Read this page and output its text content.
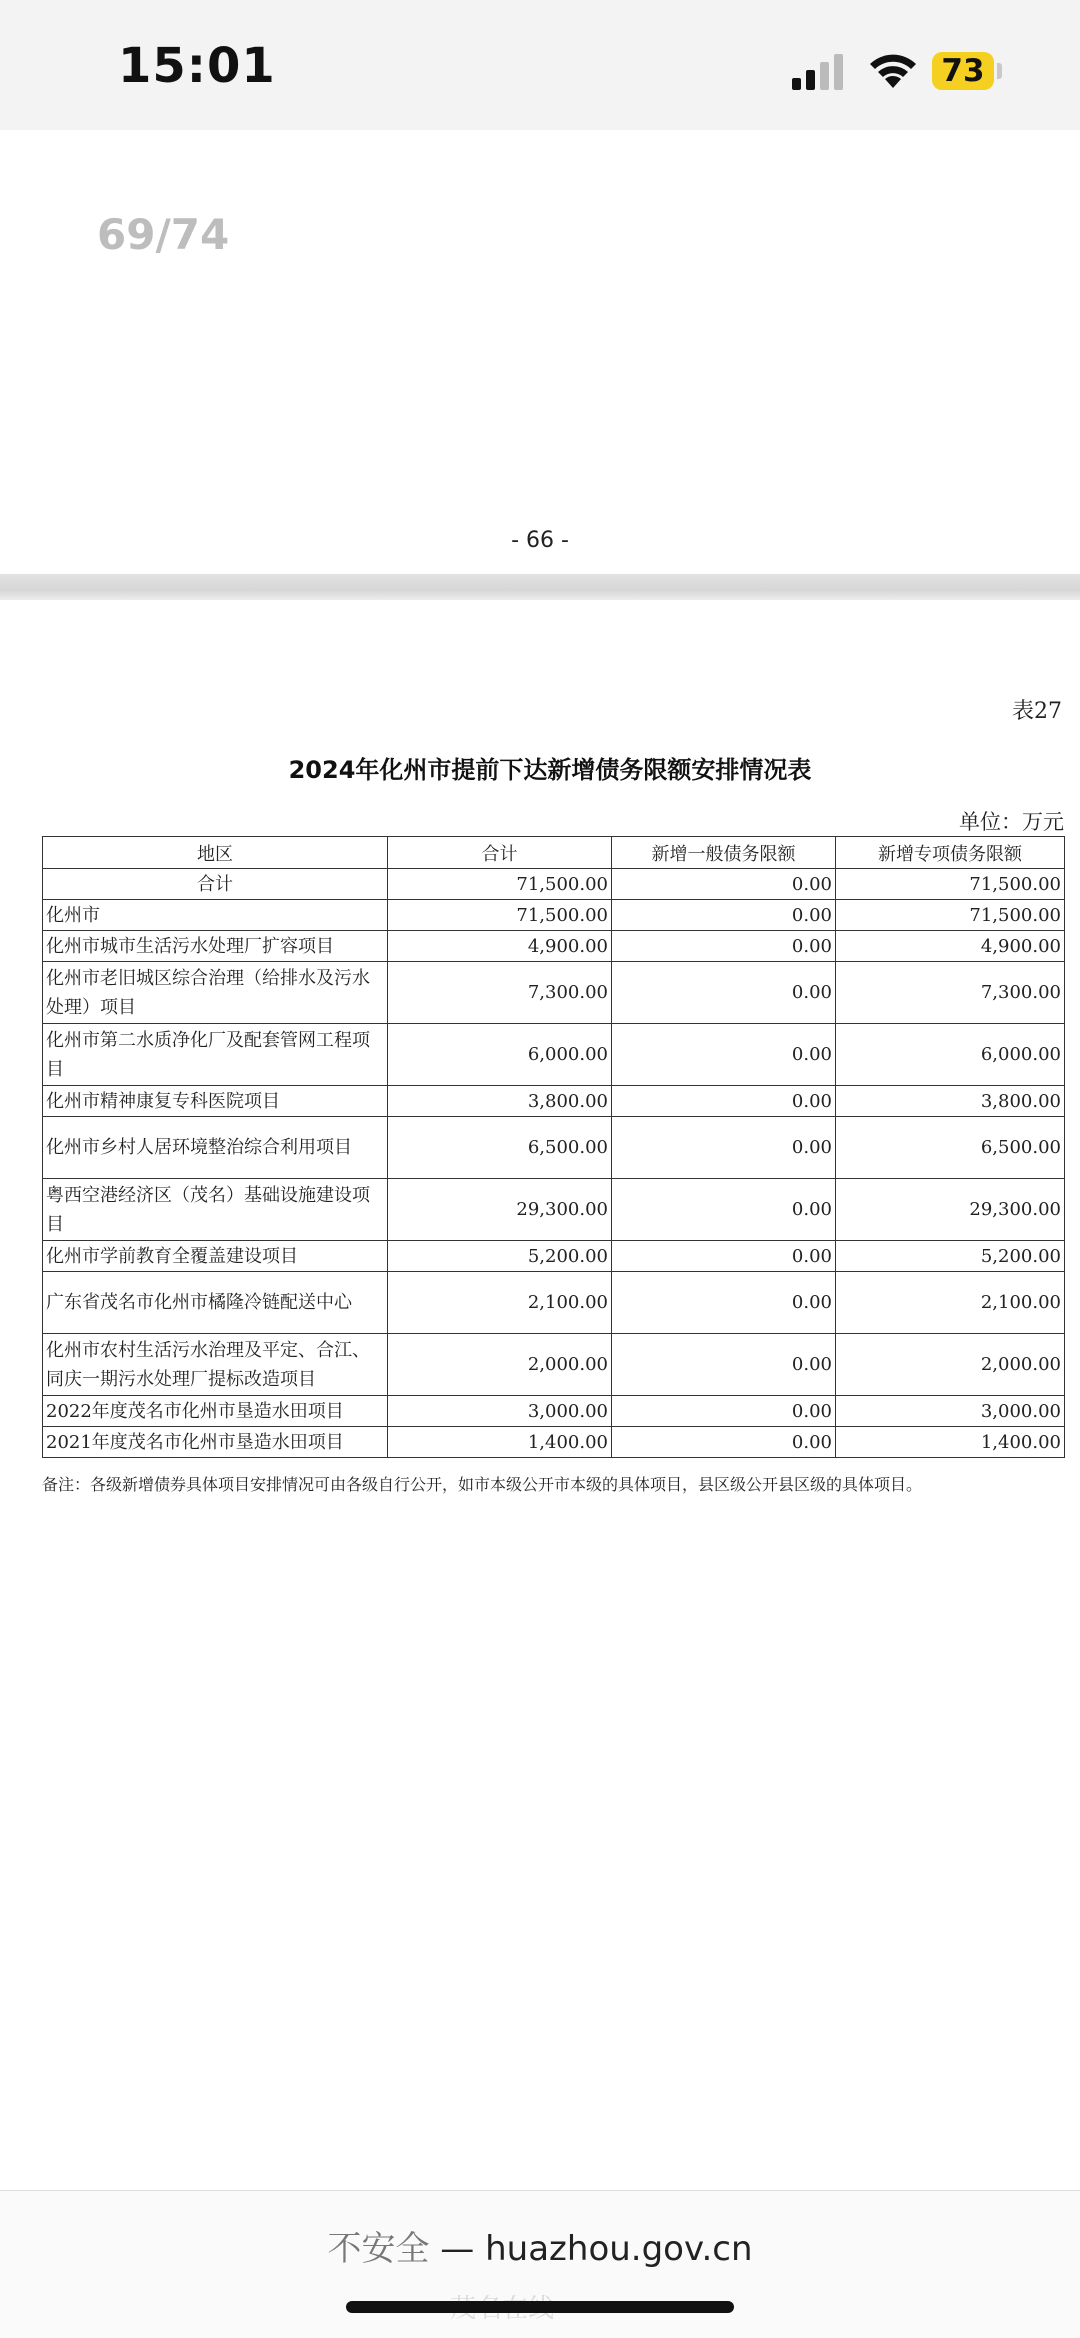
15:01	73
69/74
- 66 -
表27
2024年化州市提前下达新增债务限额安排情况表
单位：万元
地区	合计	新增一般债务限额	新增专项债务限额
合计	71,500.00	0.00	71,500.00
化州市	71,500.00	0.00	71,500.00
化州市城市生活污水处理厂扩容项目	4,900.00	0.00	4,900.00
化州市老旧城区综合治理（给排水及污水处理）项目	7,300.00	0.00	7,300.00
化州市第二水质净化厂及配套管网工程项目	6,000.00	0.00	6,000.00
化州市精神康复专科医院项目	3,800.00	0.00	3,800.00
化州市乡村人居环境整治综合利用项目	6,500.00	0.00	6,500.00
粤西空港经济区（茂名）基础设施建设项目	29,300.00	0.00	29,300.00
化州市学前教育全覆盖建设项目	5,200.00	0.00	5,200.00
广东省茂名市化州市橘隆冷链配送中心	2,100.00	0.00	2,100.00
化州市农村生活污水治理及平定、合江、同庆一期污水处理厂提标改造项目	2,000.00	0.00	2,000.00
2022年度茂名市化州市垦造水田项目	3,000.00	0.00	3,000.00
2021年度茂名市化州市垦造水田项目	1,400.00	0.00	1,400.00
备注：各级新增债券具体项目安排情况可由各级自行公开，如市本级公开市本级的具体项目，县区级公开县区级的具体项目。
不安全 — huazhou.gov.cn
